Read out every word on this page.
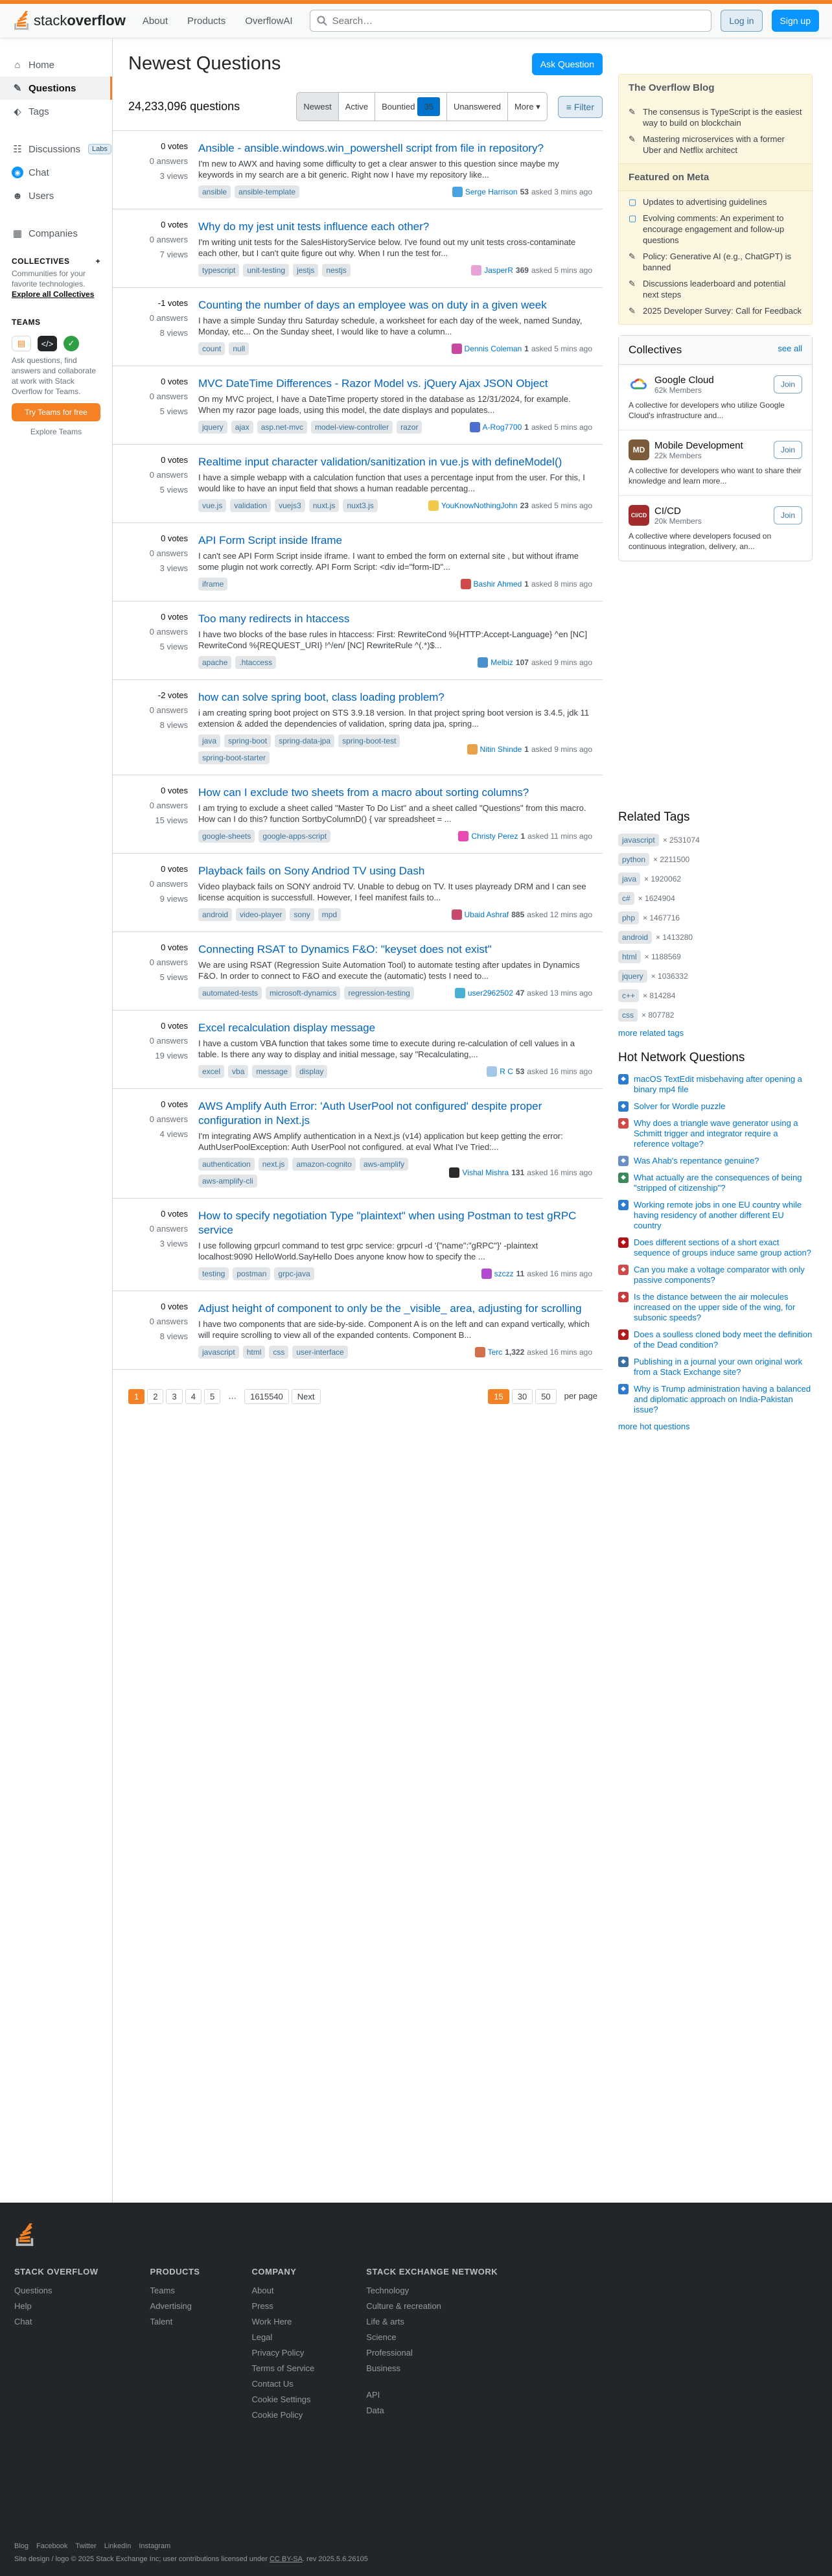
stack overflow	About	Products	OverflowAI
Search…	Log in	Sign up
⌂ Home
✎ Questions
⬖ Tags
☷ Discussions	Labs
◉ Chat
☻ Users
▦ Companies
COLLECTIVES	+
Communities for your favorite technologies.
Explore all Collectives
TEAMS
▤	</>	✓
Ask questions, find answers and collaborate at work with Stack Overflow for Teams.
Try Teams for free
Explore Teams
Newest Questions	Ask Question
24,233,096 questions	Newest Active Bountied	35	Unanswered More ▾	≡ Filter
0 votes
0 answers
3 views
Ansible - ansible.windows.win_powershell script from file in repository?
I'm new to AWX and having some difficulty to get a clear answer to this question since maybe my keywords in my search are a bit generic. Right now I have my repository like...
ansible	ansible-template	Serge Harrison 53 asked 3 mins ago
0 votes
0 answers
7 views
Why do my jest unit tests influence each other?
I'm writing unit tests for the SalesHistoryService below. I've found out my unit tests cross-contaminate each other, but I can't quite figure out why. When I run the test for...
typescript	unit-testing	jestjs	nestjs	JasperR 369 asked 5 mins ago
-1 votes
0 answers
8 views
Counting the number of days an employee was on duty in a given week
I have a simple Sunday thru Saturday schedule, a worksheet for each day of the week, named Sunday, Monday, etc... On the Sunday sheet, I would like to have a column...
count	null	Dennis Coleman 1 asked 5 mins ago
0 votes
0 answers
5 views
MVC DateTime Differences - Razor Model vs. jQuery Ajax JSON Object
On my MVC project, I have a DateTime property stored in the database as 12/31/2024, for example. When my razor page loads, using this model, the date displays and populates...
jquery	ajax	asp.net-mvc	model-view-controller	razor	A-Rog7700 1 asked 5 mins ago
0 votes
0 answers
5 views
Realtime input character validation/sanitization in vue.js with defineModel()
I have a simple webapp with a calculation function that uses a percentage input from the user. For this, I would like to have an input field that shows a human readable percentag...
vue.js	validation	vuejs3	nuxt.js	nuxt3.js	YouKnowNothingJohn 23 asked 5 mins ago
0 votes
0 answers
3 views
API Form Script inside Iframe
I can't see API Form Script inside iframe. I want to embed the form on external site , but without iframe some plugin not work correctly. API Form Script: <div id="form-ID"...
iframe	Bashir Ahmed 1 asked 8 mins ago
0 votes
0 answers
5 views
Too many redirects in htaccess
I have two blocks of the base rules in htaccess: First: RewriteCond %{HTTP:Accept-Language} ^en [NC] RewriteCond %{REQUEST_URI} !^/en/ [NC] RewriteRule ^(.*)$...
apache	.htaccess	Melbiz 107 asked 9 mins ago
-2 votes
0 answers
8 views
how can solve spring boot, class loading problem?
i am creating spring boot project on STS 3.9.18 version. In that project spring boot version is 3.4.5, jdk 11 extension & added the dependencies of validation, spring data jpa, spring...
java	spring-boot	spring-data-jpa	spring-boot-test
spring-boot-starter
Nitin Shinde 1 asked 9 mins ago
0 votes
0 answers
15 views
How can I exclude two sheets from a macro about sorting columns?
I am trying to exclude a sheet called "Master To Do List" and a sheet called "Questions" from this macro. How can I do this? function SortbyColumnD() { var spreadsheet = ...
google-sheets	google-apps-script	Christy Perez 1 asked 11 mins ago
0 votes
0 answers
9 views
Playback fails on Sony Andriod TV using Dash
Video playback fails on SONY android TV. Unable to debug on TV. It uses playready DRM and I can see license acquition is successfull. However, I feel manifest fails to...
android	video-player	sony	mpd	Ubaid Ashraf 885 asked 12 mins ago
0 votes
0 answers
5 views
Connecting RSAT to Dynamics F&O: "keyset does not exist"
We are using RSAT (Regression Suite Automation Tool) to automate testing after updates in Dynamics F&O. In order to connect to F&O and execute the (automatic) tests I need to...
automated-tests	microsoft-dynamics	regression-testing	user2962502 47 asked 13 mins ago
0 votes
0 answers
19 views
Excel recalculation display message
I have a custom VBA function that takes some time to execute during re-calculation of cell values in a table. Is there any way to display and initial message, say "Recalculating,...
excel	vba	message	display	R C 53 asked 16 mins ago
0 votes
0 answers
4 views
AWS Amplify Auth Error: 'Auth UserPool not configured' despite proper configuration in Next.js
I'm integrating AWS Amplify authentication in a Next.js (v14) application but keep getting the error: AuthUserPoolException: Auth UserPool not configured. at eval What I've Tried:...
authentication	next.js	amazon-cognito	aws-amplify
aws-amplify-cli
Vishal Mishra 131 asked 16 mins ago
0 votes
0 answers
3 views
How to specify negotiation Type "plaintext" when using Postman to test gRPC service
I use following grpcurl command to test grpc service: grpcurl -d '{"name":"gRPC"}' -plaintext localhost:9090 HelloWorld.SayHello Does anyone know how to specify the ...
testing	postman	grpc-java	szczz 11 asked 16 mins ago
0 votes
0 answers
8 views
Adjust height of component to only be the _visible_ area, adjusting for scrolling
I have two components that are side-by-side. Component A is on the left and can expand vertically, which will require scrolling to view all of the expanded contents. Component B...
javascript	html	css	user-interface	Terc 1,322 asked 16 mins ago
1	2	3	4	5	…	1615540	Next	15	30	50	per page
The Overflow Blog
✎ The consensus is TypeScript is the easiest way to build on blockchain
✎ Mastering microservices with a former Uber and Netflix architect
Featured on Meta
▢ Updates to advertising guidelines
▢ Evolving comments: An experiment to encourage engagement and follow-up questions
✎ Policy: Generative AI (e.g., ChatGPT) is banned
✎ Discussions leaderboard and potential next steps
✎ 2025 Developer Survey: Call for Feedback
Collectives	see all
Google Cloud
62k Members
Join
A collective for developers who utilize Google Cloud's infrastructure and...
MD Mobile Development
22k Members
Join
A collective for developers who want to share their knowledge and learn more...
CI/CD CI/CD
20k Members
Join
A collective where developers focused on continuous integration, delivery, an...
Related Tags
javascript	× 2531074
python	× 2211500
java	× 1920062
c#	× 1624904
php	× 1467716
android	× 1413280
html	× 1188569
jquery	× 1036332
c++	× 814284
css	× 807782
more related tags
Hot Network Questions
◆ macOS TextEdit misbehaving after opening a binary mp4 file
◆ Solver for Wordle puzzle
◆ Why does a triangle wave generator using a Schmitt trigger and integrator require a reference voltage?
◆ Was Ahab's repentance genuine?
◆ What actually are the consequences of being "stripped of citizenship"?
◆ Working remote jobs in one EU country while having residency of another different EU country
◆ Does different sections of a short exact sequence of groups induce same group action?
◆ Can you make a voltage comparator with only passive components?
◆ Is the distance between the air molecules increased on the upper side of the wing, for subsonic speeds?
◆ Does a soulless cloned body meet the definition of the Dead condition?
◆ Publishing in a journal your own original work from a Stack Exchange site?
◆ Why is Trump administration having a balanced and diplomatic approach on India-Pakistan issue?
more hot questions
STACK OVERFLOW
Questions
Help
Chat
PRODUCTS
Teams
Advertising
Talent
COMPANY
About
Press
Work Here
Legal
Privacy Policy
Terms of Service
Contact Us
Cookie Settings
Cookie Policy
STACK EXCHANGE NETWORK
Technology
Culture & recreation
Life & arts
Science
Professional
Business
API
Data
Blog Facebook Twitter LinkedIn Instagram
Site design / logo © 2025 Stack Exchange Inc; user contributions licensed under CC BY-SA. rev 2025.5.6.26105
